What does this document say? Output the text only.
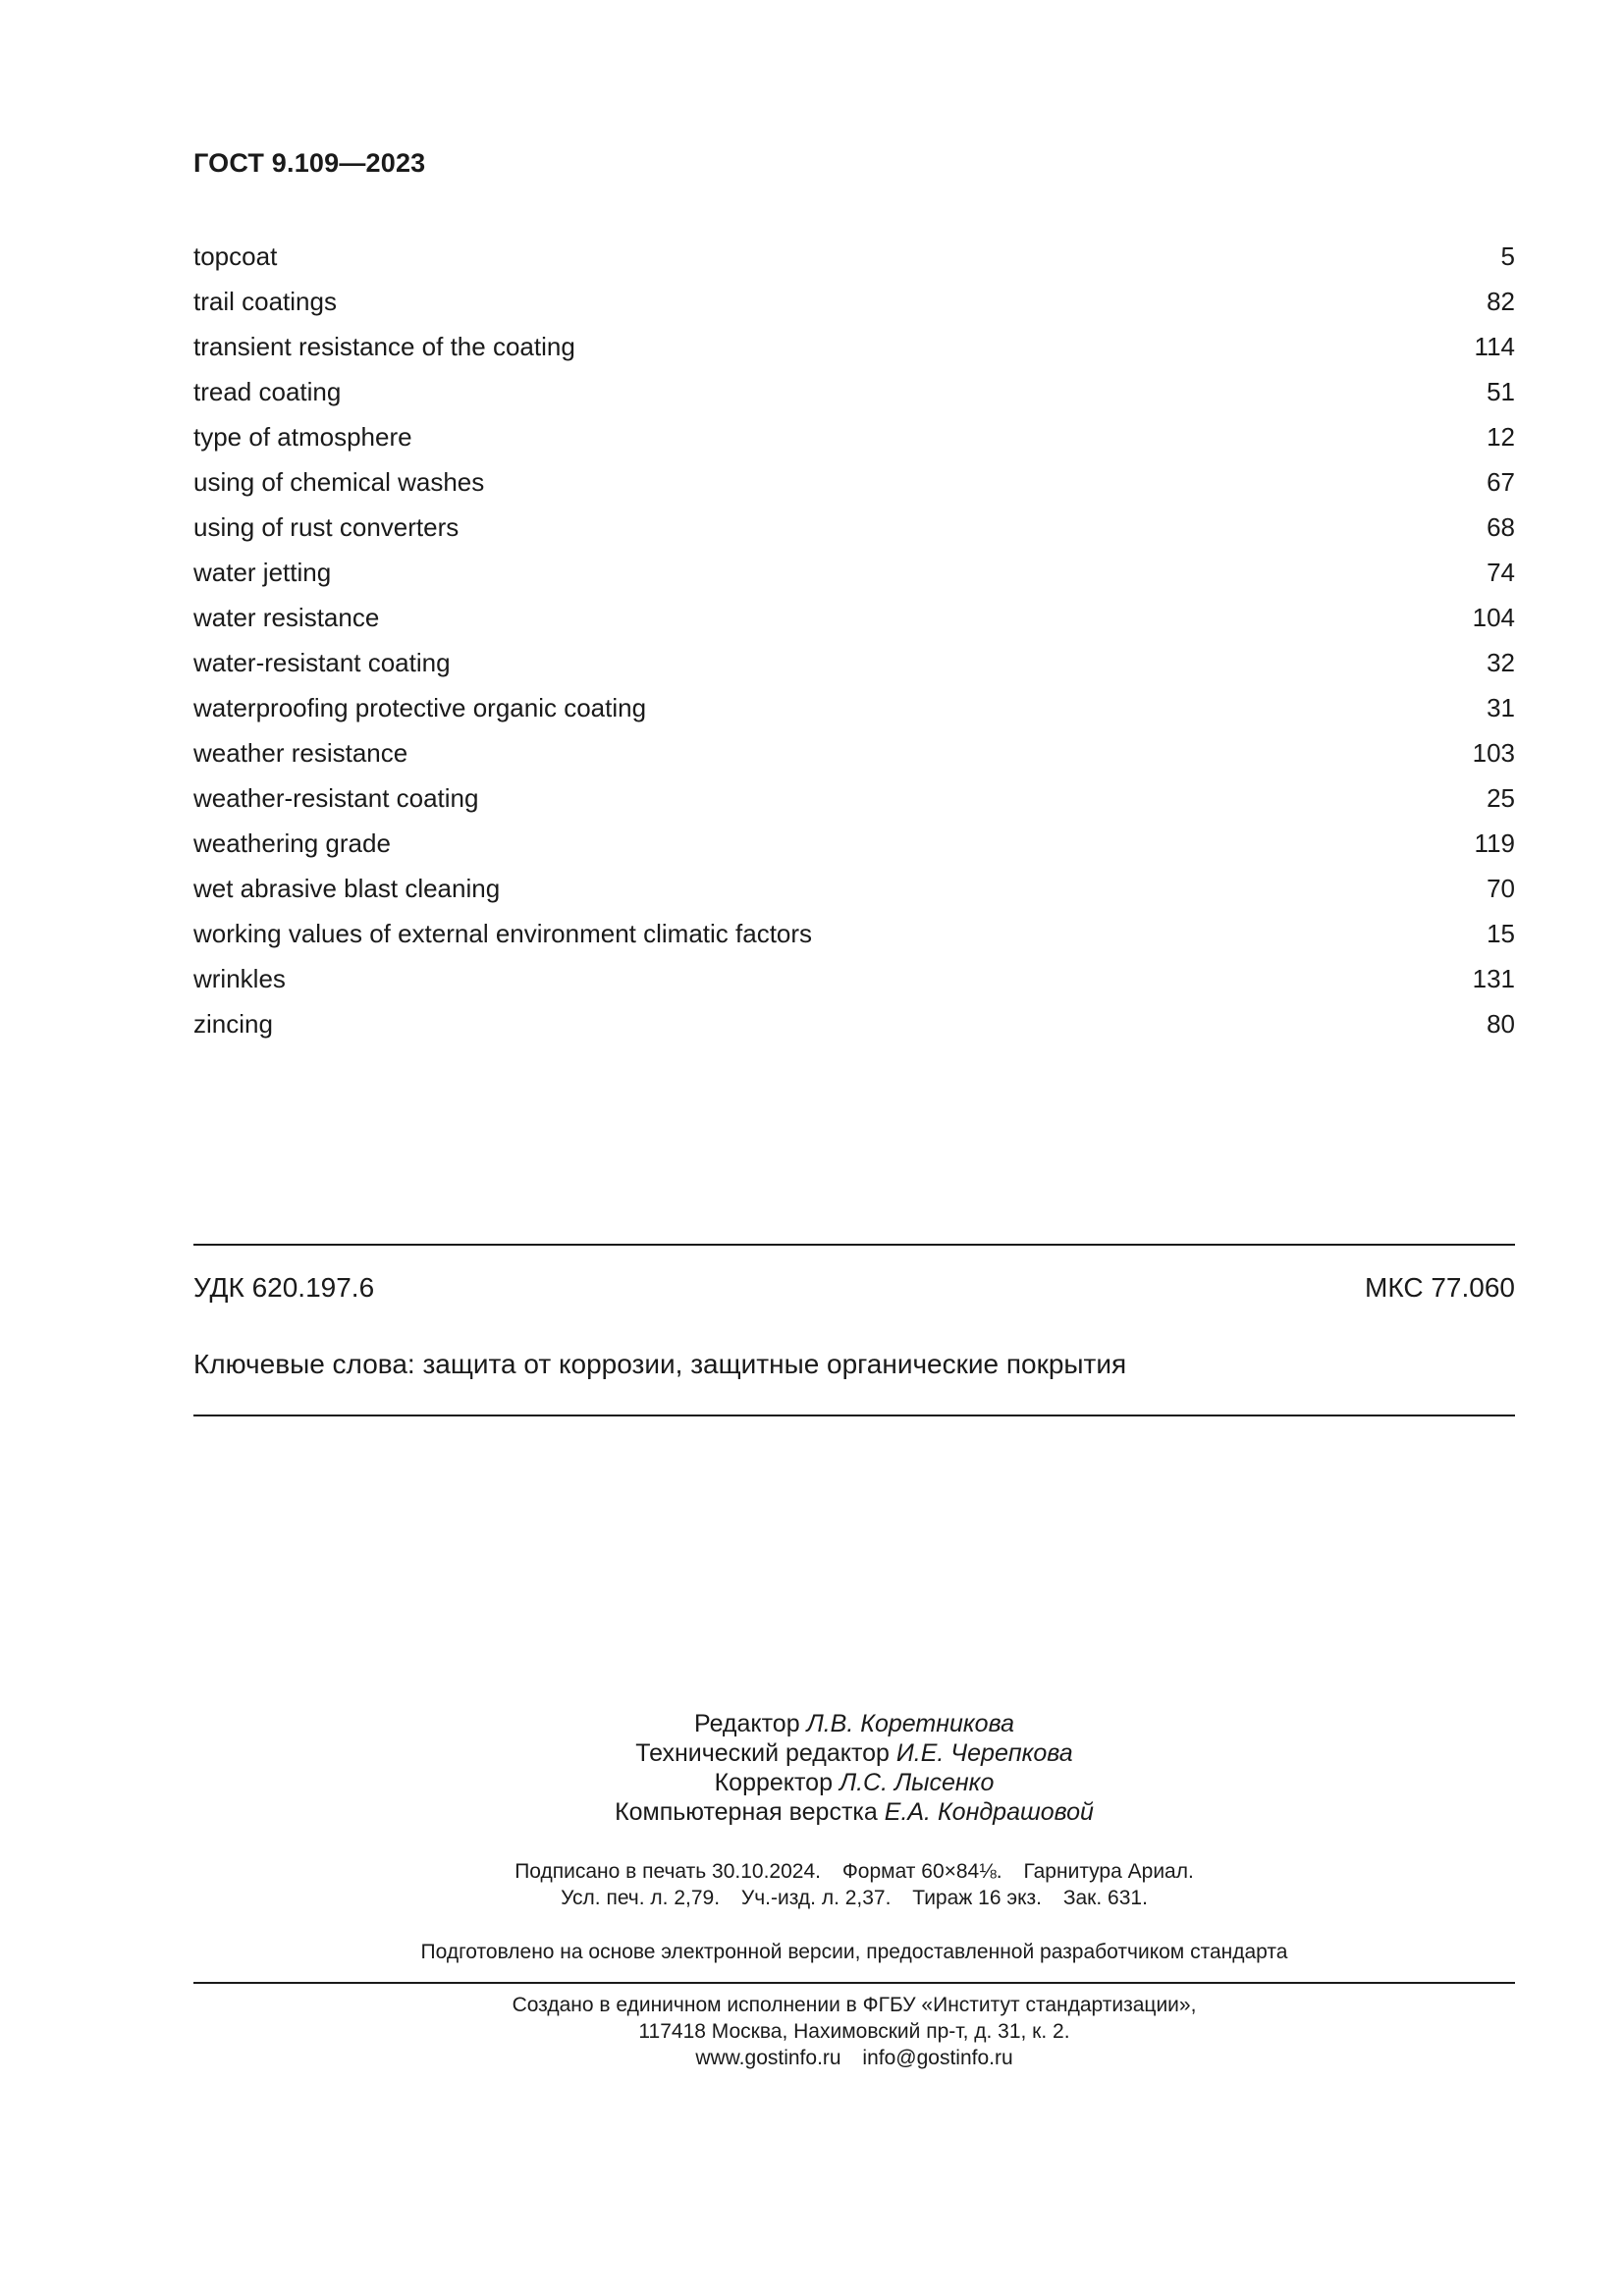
ГОСТ 9.109—2023
topcoat	5
trail coatings	82
transient resistance of the coating	114
tread coating	51
type of atmosphere	12
using of chemical washes	67
using of rust converters	68
water jetting	74
water resistance	104
water-resistant coating	32
waterproofing protective organic coating	31
weather resistance	103
weather-resistant coating	25
weathering grade	119
wet abrasive blast cleaning	70
working values of external environment climatic factors	15
wrinkles	131
zincing	80
УДК 620.197.6	МКС 77.060
Ключевые слова: защита от коррозии, защитные органические покрытия
Редактор Л.В. Коретникова
Технический редактор И.Е. Черепкова
Корректор Л.С. Лысенко
Компьютерная верстка Е.А. Кондрашовой
Подписано в печать 30.10.2024. Формат 60×84⅛. Гарнитура Ариал.
Усл. печ. л. 2,79. Уч.-изд. л. 2,37. Тираж 16 экз. Зак. 631.
Подготовлено на основе электронной версии, предоставленной разработчиком стандарта
Создано в единичном исполнении в ФГБУ «Институт стандартизации»,
117418 Москва, Нахимовский пр-т, д. 31, к. 2.
www.gostinfo.ru info@gostinfo.ru
